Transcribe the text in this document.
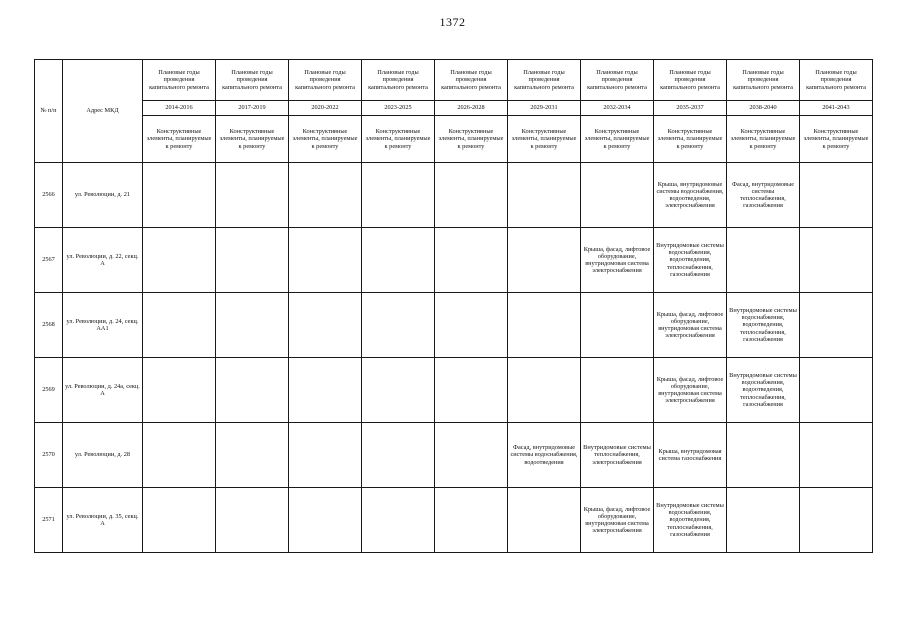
1372
№ п/п	Адрес МКД	Плановые годы проведения капитального ремонта	Плановые годы проведения капитального ремонта	Плановые годы проведения капитального ремонта	Плановые годы проведения капитального ремонта	Плановые годы проведения капитального ремонта	Плановые годы проведения капитального ремонта	Плановые годы проведения капитального ремонта	Плановые годы проведения капитального ремонта	Плановые годы проведения капитального ремонта	Плановые годы проведения капитального ремонта
		2014-2016	2017-2019	2020-2022	2023-2025	2026-2028	2029-2031	2032-2034	2035-2037	2038-2040	2041-2043
		Конструктивные элементы, планируемые к ремонту	Конструктивные элементы, планируемые к ремонту	Конструктивные элементы, планируемые к ремонту	Конструктивные элементы, планируемые к ремонту	Конструктивные элементы, планируемые к ремонту	Конструктивные элементы, планируемые к ремонту	Конструктивные элементы, планируемые к ремонту	Конструктивные элементы, планируемые к ремонту	Конструктивные элементы, планируемые к ремонту	Конструктивные элементы, планируемые к ремонту
2566	ул. Революции, д. 21								Крыша, внутридомовые системы водоснабжения, водоотведения, электроснабжения	Фасад, внутридомовые системы теплоснабжения, газоснабжения	
2567	ул. Революции, д. 22, секц. А							Крыша, фасад, лифтовое оборудование, внутридомовая система электроснабжения	Внутридомовые системы водоснабжения, водоотведения, теплоснабжения, газоснабжения		
2568	ул. Революции, д. 24, секц. АА1								Крыша, фасад, лифтовое оборудование, внутридомовая система электроснабжения	Внутридомовые системы водоснабжения, водоотведения, теплоснабжения, газоснабжения	
2569	ул. Революции, д. 24а, секц. А								Крыша, фасад, лифтовое оборудование, внутридомовая система электроснабжения	Внутридомовые системы водоснабжения, водоотведения, теплоснабжения, газоснабжения	
2570	ул. Революции, д. 28						Фасад, внутридомовые системы водоснабжения, водоотведения	Внутридомовые системы теплоснабжения, электроснабжения	Крыша, внутридомовая система газоснабжения		
2571	ул. Революции, д. 35, секц. А							Крыша, фасад, лифтовое оборудование, внутридомовая система электроснабжения	Внутридомовые системы водоснабжения, водоотведения, теплоснабжения, газоснабжения		
